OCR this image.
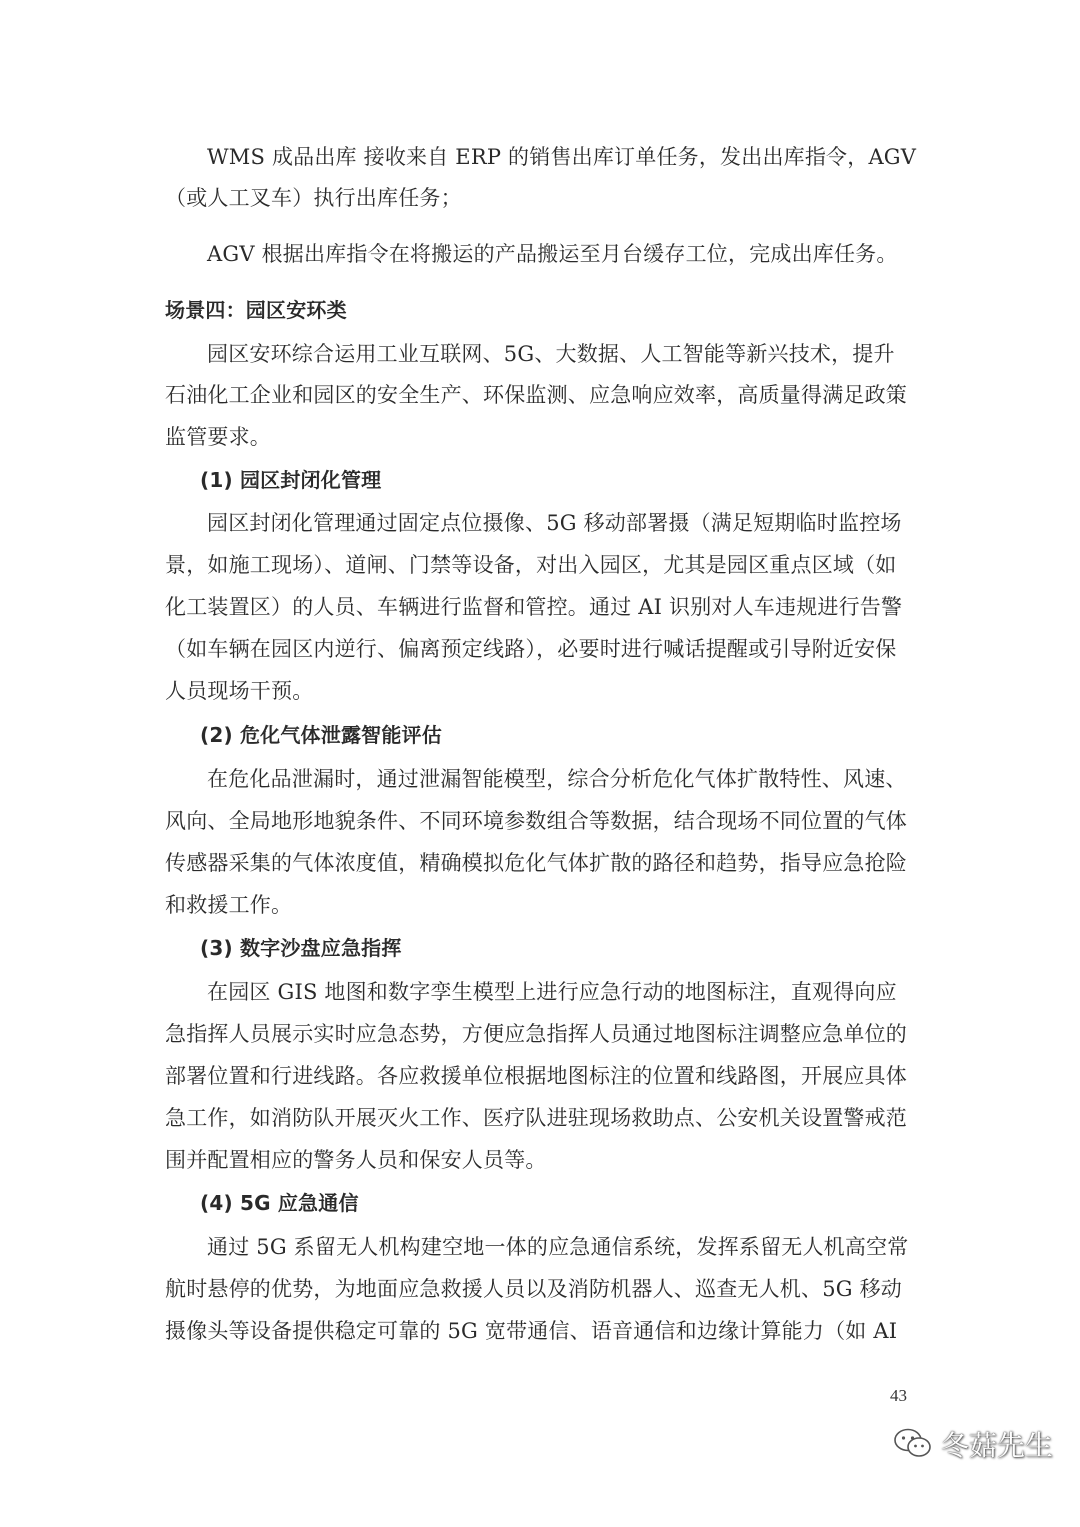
WMS 成品出库 接收来自 ERP 的销售出库订单任务，发出出库指令，AGV
（或人工叉车）执行出库任务；
AGV 根据出库指令在将搬运的产品搬运至月台缓存工位，完成出库任务。
场景四：园区安环类
园区安环综合运用工业互联网、5G、大数据、人工智能等新兴技术，提升
石油化工企业和园区的安全生产、环保监测、应急响应效率，高质量得满足政策
监管要求。
(1) 园区封闭化管理
园区封闭化管理通过固定点位摄像、5G 移动部署摄（满足短期临时监控场
景，如施工现场）、道闸、门禁等设备，对出入园区，尤其是园区重点区域（如
化工装置区）的人员、车辆进行监督和管控。通过 AI 识别对人车违规进行告警
（如车辆在园区内逆行、偏离预定线路），必要时进行喊话提醒或引导附近安保
人员现场干预。
(2) 危化气体泄露智能评估
在危化品泄漏时，通过泄漏智能模型，综合分析危化气体扩散特性、风速、
风向、全局地形地貌条件、不同环境参数组合等数据，结合现场不同位置的气体
传感器采集的气体浓度值，精确模拟危化气体扩散的路径和趋势，指导应急抢险
和救援工作。
(3) 数字沙盘应急指挥
在园区 GIS 地图和数字孪生模型上进行应急行动的地图标注，直观得向应
急指挥人员展示实时应急态势，方便应急指挥人员通过地图标注调整应急单位的
部署位置和行进线路。各应救援单位根据地图标注的位置和线路图，开展应具体
急工作，如消防队开展灭火工作、医疗队进驻现场救助点、公安机关设置警戒范
围并配置相应的警务人员和保安人员等。
(4) 5G 应急通信
通过 5G 系留无人机构建空地一体的应急通信系统，发挥系留无人机高空常
航时悬停的优势，为地面应急救援人员以及消防机器人、巡查无人机、5G 移动
摄像头等设备提供稳定可靠的 5G 宽带通信、语音通信和边缘计算能力（如 AI
43
冬菇先生
